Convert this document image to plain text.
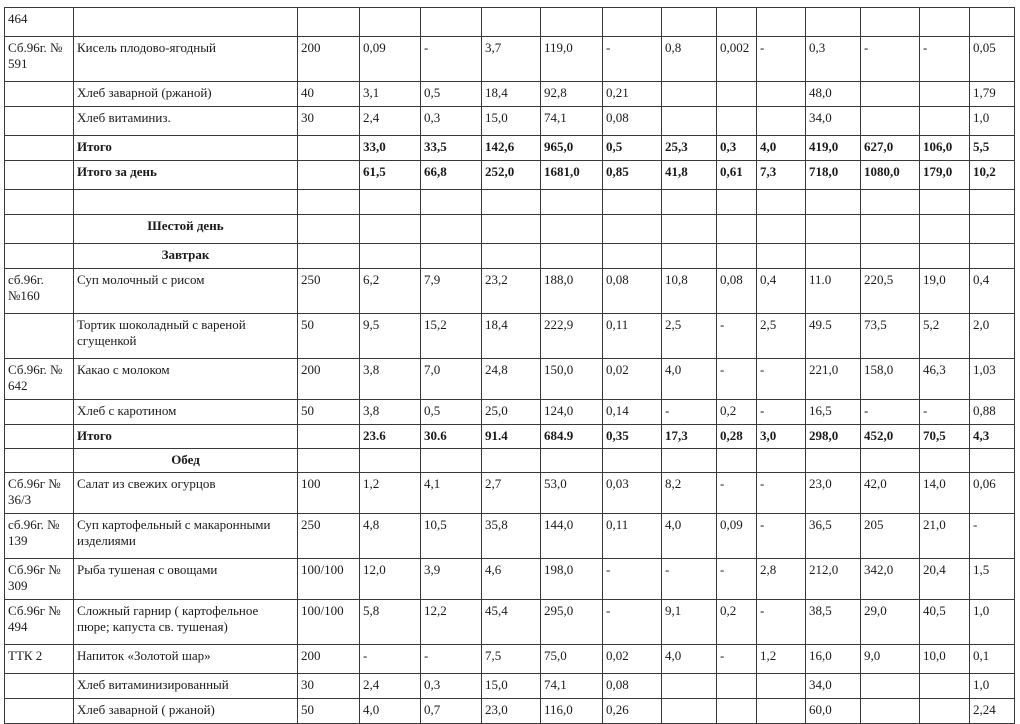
464														
Сб.96г. № 591	Кисель плодово-ягодный	200	0,09	-	3,7	119,0	-	0,8	0,002	-	0,3	-	-	0,05
	Хлеб заварной (ржаной)	40	3,1	0,5	18,4	92,8	0,21				48,0			1,79
	Хлеб витаминиз.	30	2,4	0,3	15,0	74,1	0,08				34,0			1,0
	Итого		33,0	33,5	142,6	965,0	0,5	25,3	0,3	4,0	419,0	627,0	106,0	5,5
	Итого за день		61,5	66,8	252,0	1681,0	0,85	41,8	0,61	7,3	718,0	1080,0	179,0	10,2

	Шестой день													
	Завтрак													
сб.96г. №160	Суп молочный с рисом	250	6,2	7,9	23,2	188,0	0,08	10,8	0,08	0,4	11.0	220,5	19,0	0,4
	Тортик шоколадный с вареной сгущенкой	50	9,5	15,2	18,4	222,9	0,11	2,5	-	2,5	49.5	73,5	5,2	2,0
Сб.96г. № 642	Какао с молоком	200	3,8	7,0	24,8	150,0	0,02	4,0	-	-	221,0	158,0	46,3	1,03
	Хлеб с каротином	50	3,8	0,5	25,0	124,0	0,14	-	0,2	-	16,5	-	-	0,88
	Итого		23.6	30.6	91.4	684.9	0,35	17,3	0,28	3,0	298,0	452,0	70,5	4,3
	Обед													
Сб.96г № 36/3	Салат из свежих огурцов	100	1,2	4,1	2,7	53,0	0,03	8,2	-	-	23,0	42,0	14,0	0,06
сб.96г. № 139	Суп картофельный с макаронными изделиями	250	4,8	10,5	35,8	144,0	0,11	4,0	0,09	-	36,5	205	21,0	-
Сб.96г № 309	Рыба тушеная с овощами	100/100	12,0	3,9	4,6	198,0	-	-	-	2,8	212,0	342,0	20,4	1,5
Сб.96г № 494	Сложный гарнир ( картофельное пюре; капуста св. тушеная)	100/100	5,8	12,2	45,4	295,0	-	9,1	0,2	-	38,5	29,0	40,5	1,0
ТТК 2	Напиток «Золотой шар»	200	-	-	7,5	75,0	0,02	4,0	-	1,2	16,0	9,0	10,0	0,1
	Хлеб витаминизированный	30	2,4	0,3	15,0	74,1	0,08				34,0			1,0
	Хлеб заварной ( ржаной)	50	4,0	0,7	23,0	116,0	0,26				60,0			2,24
